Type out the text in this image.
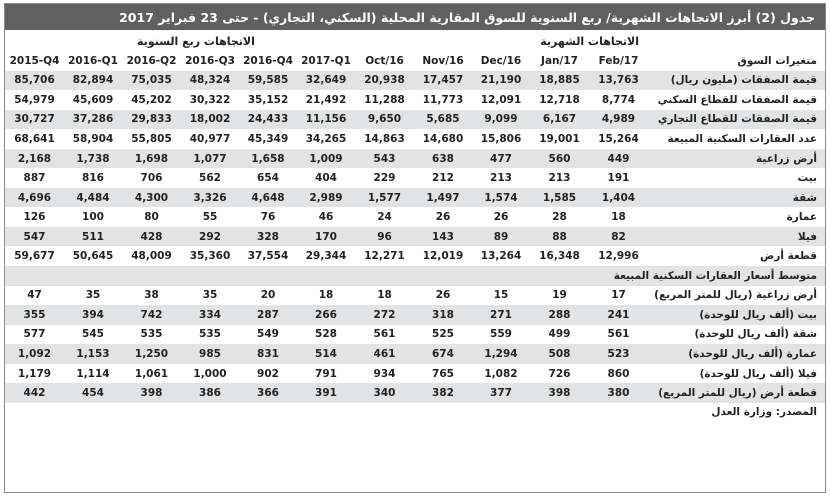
جدول (2) أبرز الاتجاهات الشهرية/ ربع السنوية للسوق المقارية المحلية (السكني، التجاري) - حتى 23 فبراير 2017
الاتجاهات ربع السنوية	الاتجاهات الشهرية
2015-Q4	2016-Q1	2016-Q2	2016-Q3	2016-Q4	2017-Q1	Oct/16	Nov/16	Dec/16	Jan/17	Feb/17	متغيرات السوق
85,706	82,894	75,035	48,324	59,585	32,649	20,938	17,457	21,190	18,885	13,763	قيمة الصفقات (مليون ريال)
54,979	45,609	45,202	30,322	35,152	21,492	11,288	11,773	12,091	12,718	8,774	قيمة الصفقات للقطاع السكني
30,727	37,286	29,833	18,002	24,433	11,156	9,650	5,685	9,099	6,167	4,989	قيمة الصفقات للقطاع التجاري
68,641	58,904	55,805	40,977	45,349	34,265	14,863	14,680	15,806	19,001	15,264	عدد العقارات السكنية المبيعة
2,168	1,738	1,698	1,077	1,658	1,009	543	638	477	560	449	أرض زراعية
887	816	706	562	654	404	229	212	213	213	191	بيت
4,696	4,484	4,300	3,326	4,648	2,989	1,577	1,497	1,574	1,585	1,404	شقة
126	100	80	55	76	46	24	26	26	28	18	عمارة
547	511	428	292	328	170	96	143	89	88	82	فيلا
59,677	50,645	48,009	35,360	37,554	29,344	12,271	12,019	13,264	16,348	12,996	قطعة أرض
متوسط أسعار العقارات السكنية المبيعة											
47	35	38	35	20	18	18	26	15	19	17	أرض زراعية (ريال للمتر المربع)
355	394	742	334	287	266	272	318	271	288	241	بيت (ألف ريال للوحدة)
577	545	535	535	549	528	561	525	559	499	561	شقة (ألف ريال للوحدة)
1,092	1,153	1,250	985	831	514	461	674	1,294	508	523	عمارة (ألف ريال للوحدة)
1,179	1,114	1,061	1,000	902	791	934	765	1,082	726	860	فيلا (ألف ريال للوحدة)
442	454	398	386	366	391	340	382	377	398	380	قطعة أرض (ريال للمتر المربع)
المصدر: وزارة العدل
